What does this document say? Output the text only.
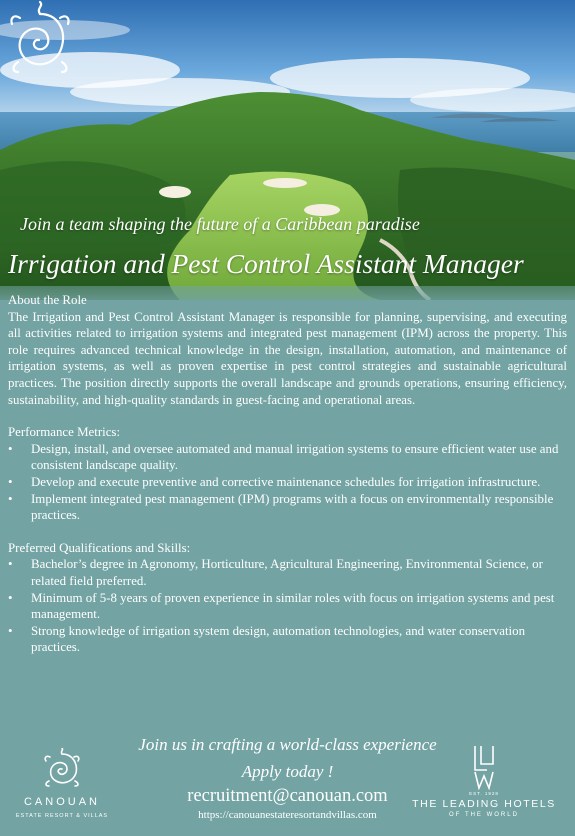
Join a team shaping the future of a Caribbean paradise
Irrigation and Pest Control Assistant Manager
About the Role

The Irrigation and Pest Control Assistant Manager is responsible for planning, supervising, and executing all activities related to irrigation systems and integrated pest management (IPM) across the property. This role requires advanced technical knowledge in the design, installation, automation, and maintenance of irrigation systems, as well as proven expertise in pest control strategies and sustainable agricultural practices. The position directly supports the overall landscape and grounds operations, ensuring efficiency, sustainability, and high-quality standards in guest-facing and operational areas.

Performance Metrics:
• Design, install, and oversee automated and manual irrigation systems to ensure efficient water use and consistent landscape quality.
• Develop and execute preventive and corrective maintenance schedules for irrigation infrastructure.
• Implement integrated pest management (IPM) programs with a focus on environmentally responsible practices.
Preferred Qualifications and Skills:
• Bachelor’s degree in Agronomy, Horticulture, Agricultural Engineering, Environmental Science, or related field preferred.
• Minimum of 5-8 years of proven experience in similar roles with focus on irrigation systems and pest management.
• Strong knowledge of irrigation system design, automation technologies, and water conservation practices.
Join us in crafting a world-class experience
Apply today !
recruitment@canouan.com
https://canouanestateresortandvillas.com
CANOUAN
ESTATE RESORT & VILLAS
EST. 1928
THE LEADING HOTELS
OF THE WORLD
